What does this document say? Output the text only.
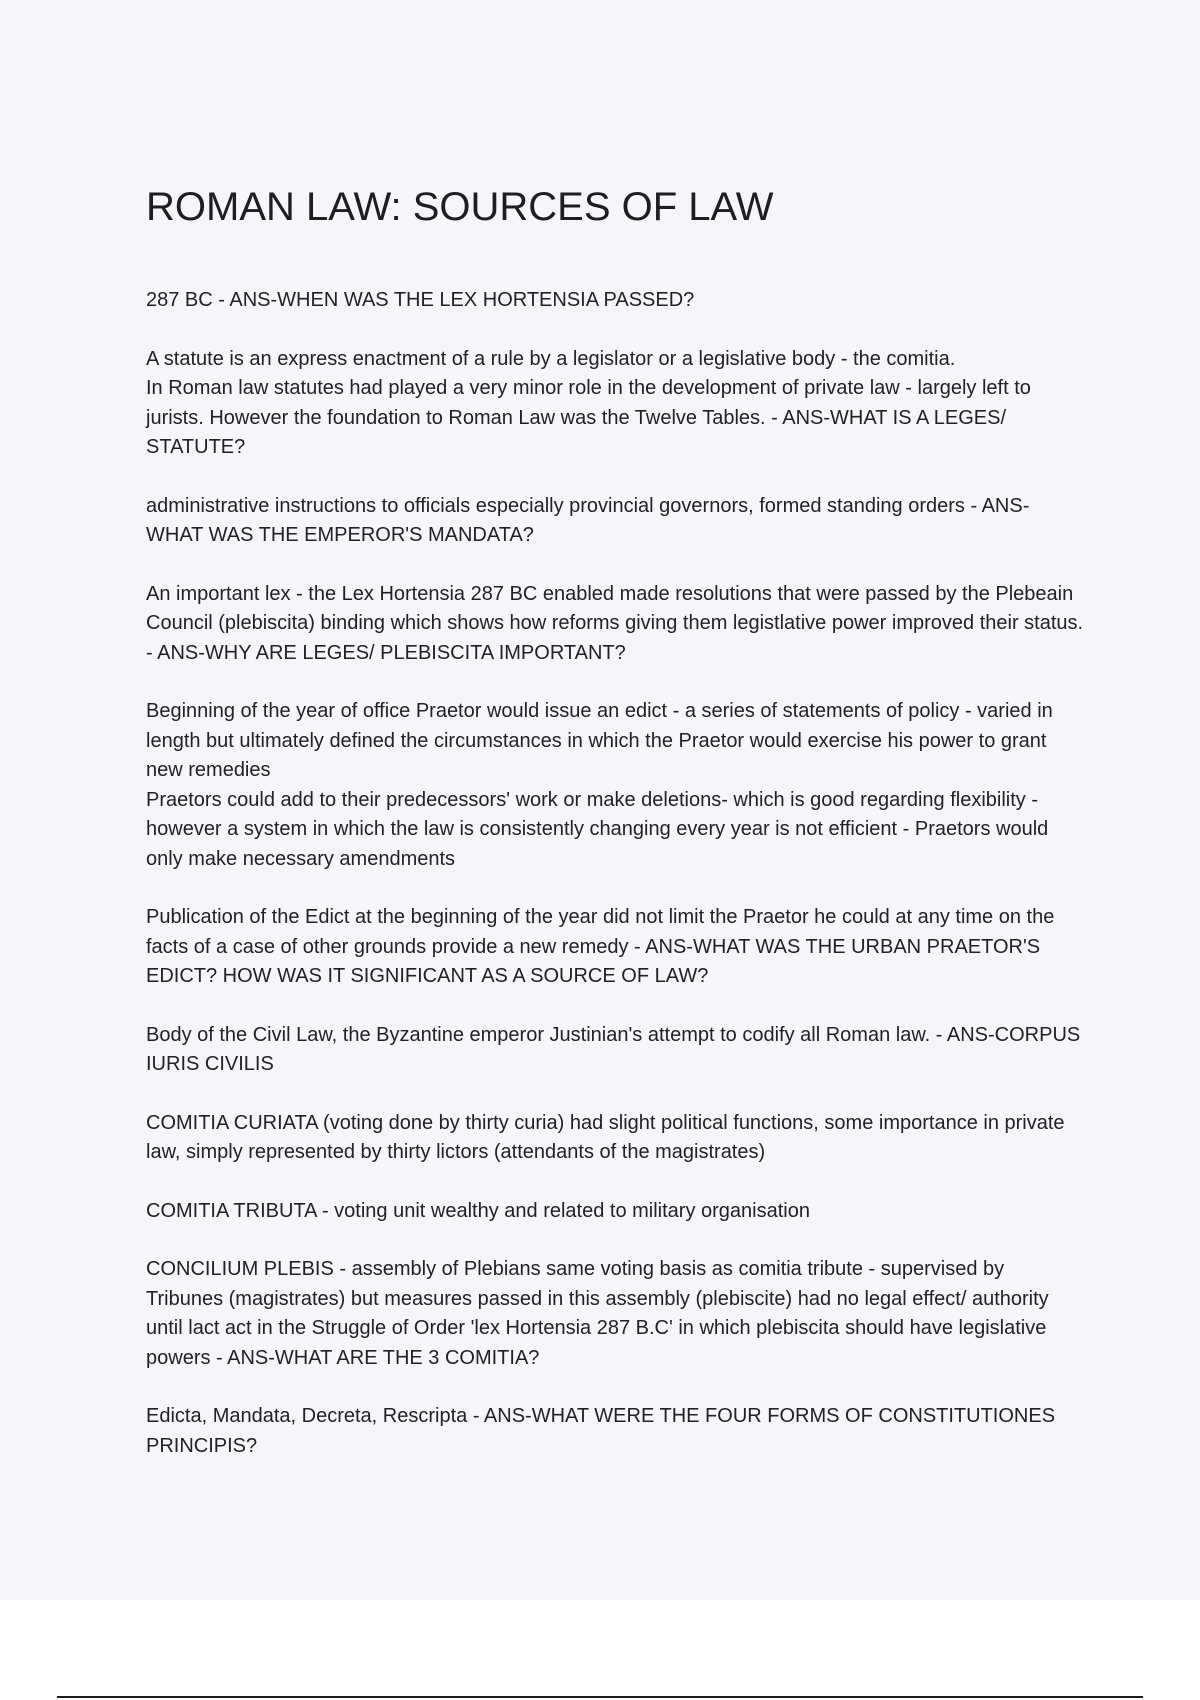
ROMAN LAW: SOURCES OF LAW

287 BC - ANS-WHEN WAS THE LEX HORTENSIA PASSED?

A statute is an express enactment of a rule by a legislator or a legislative body - the comitia.
In Roman law statutes had played a very minor role in the development of private law - largely left to jurists. However the foundation to Roman Law was the Twelve Tables. - ANS-WHAT IS A LEGES/ STATUTE?

administrative instructions to officials especially provincial governors, formed standing orders - ANS-WHAT WAS THE EMPEROR'S MANDATA?

An important lex - the Lex Hortensia 287 BC enabled made resolutions that were passed by the Plebeain Council (plebiscita) binding which shows how reforms giving them legistlative power improved their status. - ANS-WHY ARE LEGES/ PLEBISCITA IMPORTANT?

Beginning of the year of office Praetor would issue an edict - a series of statements of policy - varied in length but ultimately defined the circumstances in which the Praetor would exercise his power to grant new remedies
Praetors could add to their predecessors' work or make deletions- which is good regarding flexibility - however a system in which the law is consistently changing every year is not efficient - Praetors would only make necessary amendments

Publication of the Edict at the beginning of the year did not limit the Praetor he could at any time on the facts of a case of other grounds provide a new remedy - ANS-WHAT WAS THE URBAN PRAETOR'S EDICT? HOW WAS IT SIGNIFICANT AS A SOURCE OF LAW?

Body of the Civil Law, the Byzantine emperor Justinian's attempt to codify all Roman law. - ANS-CORPUS IURIS CIVILIS

COMITIA CURIATA (voting done by thirty curia) had slight political functions, some importance in private law, simply represented by thirty lictors (attendants of the magistrates)

COMITIA TRIBUTA - voting unit wealthy and related to military organisation

CONCILIUM PLEBIS - assembly of Plebians same voting basis as comitia tribute - supervised by Tribunes (magistrates) but measures passed in this assembly (plebiscite) had no legal effect/ authority until lact act in the Struggle of Order 'lex Hortensia 287 B.C' in which plebiscita should have legislative powers - ANS-WHAT ARE THE 3 COMITIA?

Edicta, Mandata, Decreta, Rescripta - ANS-WHAT WERE THE FOUR FORMS OF CONSTITUTIONES PRINCIPIS?
